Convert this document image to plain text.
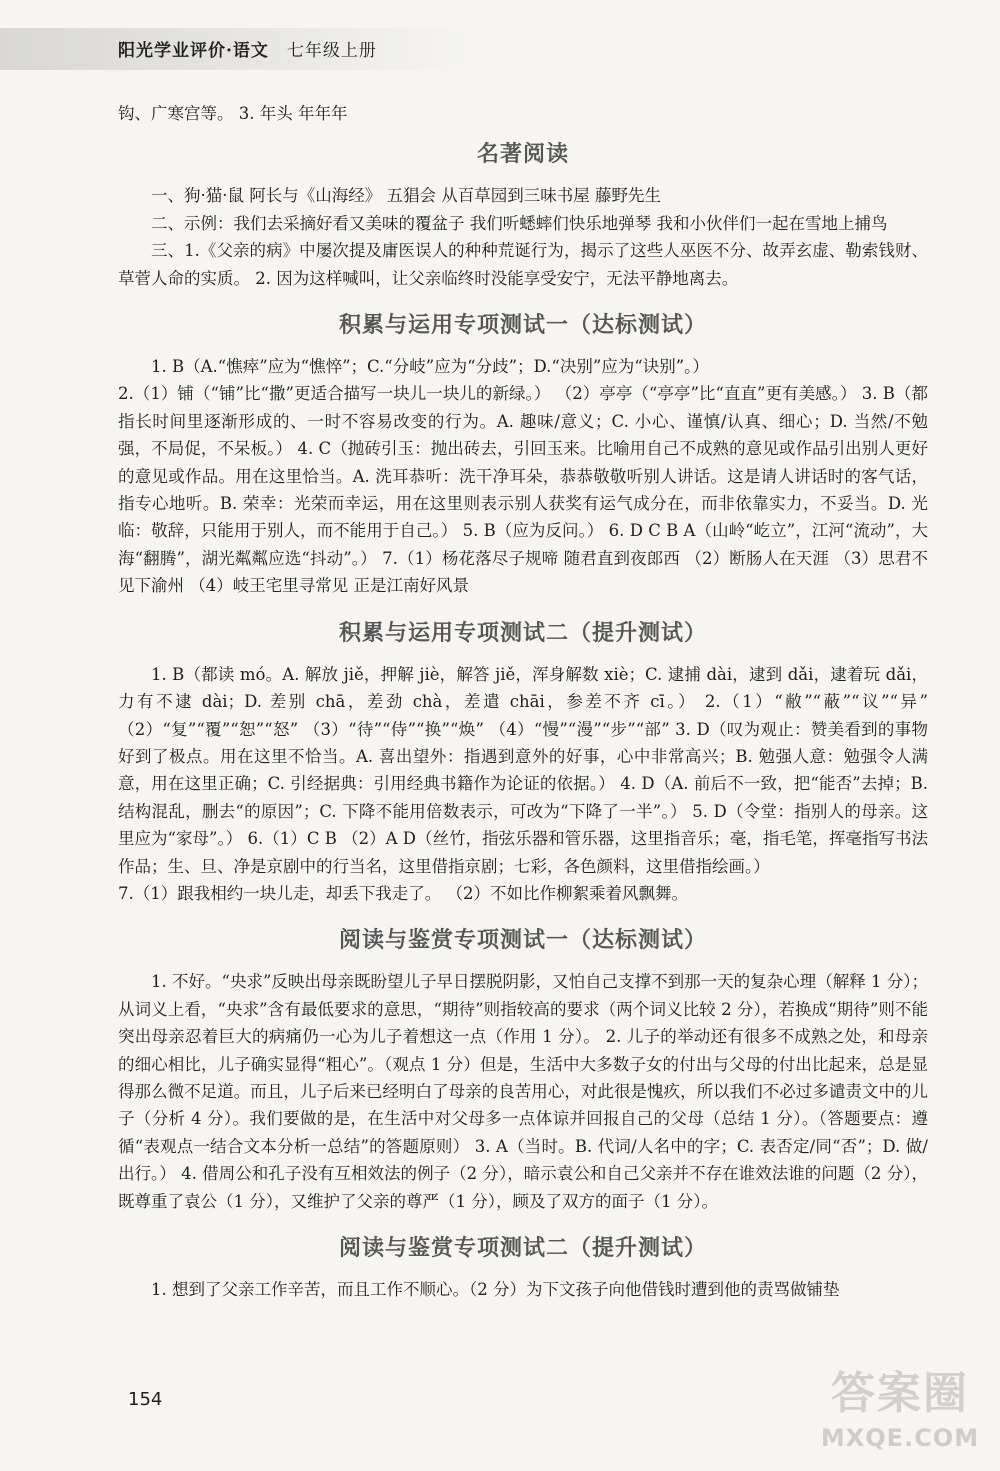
阳光学业评价·语文 七年级上册

钩、广寒宫等。 3. 年头 年年年

名著阅读

一、狗·猫·鼠 阿长与《山海经》 五猖会 从百草园到三味书屋 藤野先生

二、示例：我们去采摘好看又美味的覆盆子 我们听蟋蟀们快乐地弹琴 我和小伙伴们一起在雪地上捕鸟

三、1.《父亲的病》中屡次提及庸医误人的种种荒诞行为，揭示了这些人巫医不分、故弄玄虚、勒索钱财、草菅人命的实质。 2. 因为这样喊叫，让父亲临终时没能享受安宁，无法平静地离去。

积累与运用专项测试一（达标测试）

1. B（A.“憔瘁”应为“憔悴”；C.“分岐”应为“分歧”；D.“决别”应为“诀别”。）

2.（1）铺（“铺”比“撒”更适合描写一块儿一块儿的新绿。） （2）亭亭（“亭亭”比“直直”更有美感。） 3. B（都指长时间里逐渐形成的、一时不容易改变的行为。A. 趣味/意义；C. 小心、谨慎/认真、细心；D. 当然/不勉强，不局促，不呆板。） 4. C（抛砖引玉：抛出砖去，引回玉来。比喻用自己不成熟的意见或作品引出别人更好的意见或作品。用在这里恰当。A. 洗耳恭听：洗干净耳朵，恭恭敬敬听别人讲话。这是请人讲话时的客气话，指专心地听。B. 荣幸：光荣而幸运，用在这里则表示别人获奖有运气成分在，而非依靠实力，不妥当。D. 光临：敬辞，只能用于别人，而不能用于自己。） 5. B（应为反问。） 6. D C B A（山岭“屹立”，江河“流动”，大海“翻腾”，湖光粼粼应选“抖动”。） 7.（1）杨花落尽子规啼 随君直到夜郎西 （2）断肠人在天涯 （3）思君不见下渝州 （4）岐王宅里寻常见 正是江南好风景

积累与运用专项测试二（提升测试）

1. B（都读 mó。A. 解放 jiě，押解 jiè，解答 jiě，浑身解数 xiè；C. 逮捕 dài，逮到 dǎi，逮着玩 dǎi，力有不逮 dài；D. 差别 chā，差劲 chà，差遣 chāi，参差不齐 cī。） 2.（1）“敝”“蔽”“议”“异” （2）“复”“覆”“恕”“怒” （3）“待”“侍”“换”“焕” （4）“慢”“漫”“步”“部” 3. D（叹为观止：赞美看到的事物好到了极点。用在这里不恰当。A. 喜出望外：指遇到意外的好事，心中非常高兴；B. 勉强人意：勉强令人满意，用在这里正确；C. 引经据典：引用经典书籍作为论证的依据。） 4. D（A. 前后不一致，把“能否”去掉；B. 结构混乱，删去“的原因”；C. 下降不能用倍数表示，可改为“下降了一半”。） 5. D（令堂：指别人的母亲。这里应为“家母”。） 6.（1）C B （2）A D（丝竹，指弦乐器和管乐器，这里指音乐；毫，指毛笔，挥毫指写书法作品；生、旦、净是京剧中的行当名，这里借指京剧；七彩，各色颜料，这里借指绘画。）

7.（1）跟我相约一块儿走，却丢下我走了。 （2）不如比作柳絮乘着风飘舞。

阅读与鉴赏专项测试一（达标测试）

1. 不好。“央求”反映出母亲既盼望儿子早日摆脱阴影，又怕自己支撑不到那一天的复杂心理（解释 1 分）；从词义上看，“央求”含有最低要求的意思，“期待”则指较高的要求（两个词义比较 2 分），若换成“期待”则不能突出母亲忍着巨大的病痛仍一心为儿子着想这一点（作用 1 分）。 2. 儿子的举动还有很多不成熟之处，和母亲的细心相比，儿子确实显得“粗心”。（观点 1 分）但是，生活中大多数子女的付出与父母的付出比起来，总是显得那么微不足道。而且，儿子后来已经明白了母亲的良苦用心，对此很是愧疚，所以我们不必过多谴责文中的儿子（分析 4 分）。我们要做的是，在生活中对父母多一点体谅并回报自己的父母（总结 1 分）。（答题要点：遵循“表观点一结合文本分析一总结”的答题原则） 3. A（当时。B. 代词/人名中的字；C. 表否定/同“否”；D. 做/出行。） 4. 借周公和孔子没有互相效法的例子（2 分），暗示袁公和自己父亲并不存在谁效法谁的问题（2 分），既尊重了袁公（1 分），又维护了父亲的尊严（1 分），顾及了双方的面子（1 分）。

阅读与鉴赏专项测试二（提升测试）

1. 想到了父亲工作辛苦，而且工作不顺心。（2 分）为下文孩子向他借钱时遭到他的责骂做铺垫

154	答案圈
MXQE.COM
